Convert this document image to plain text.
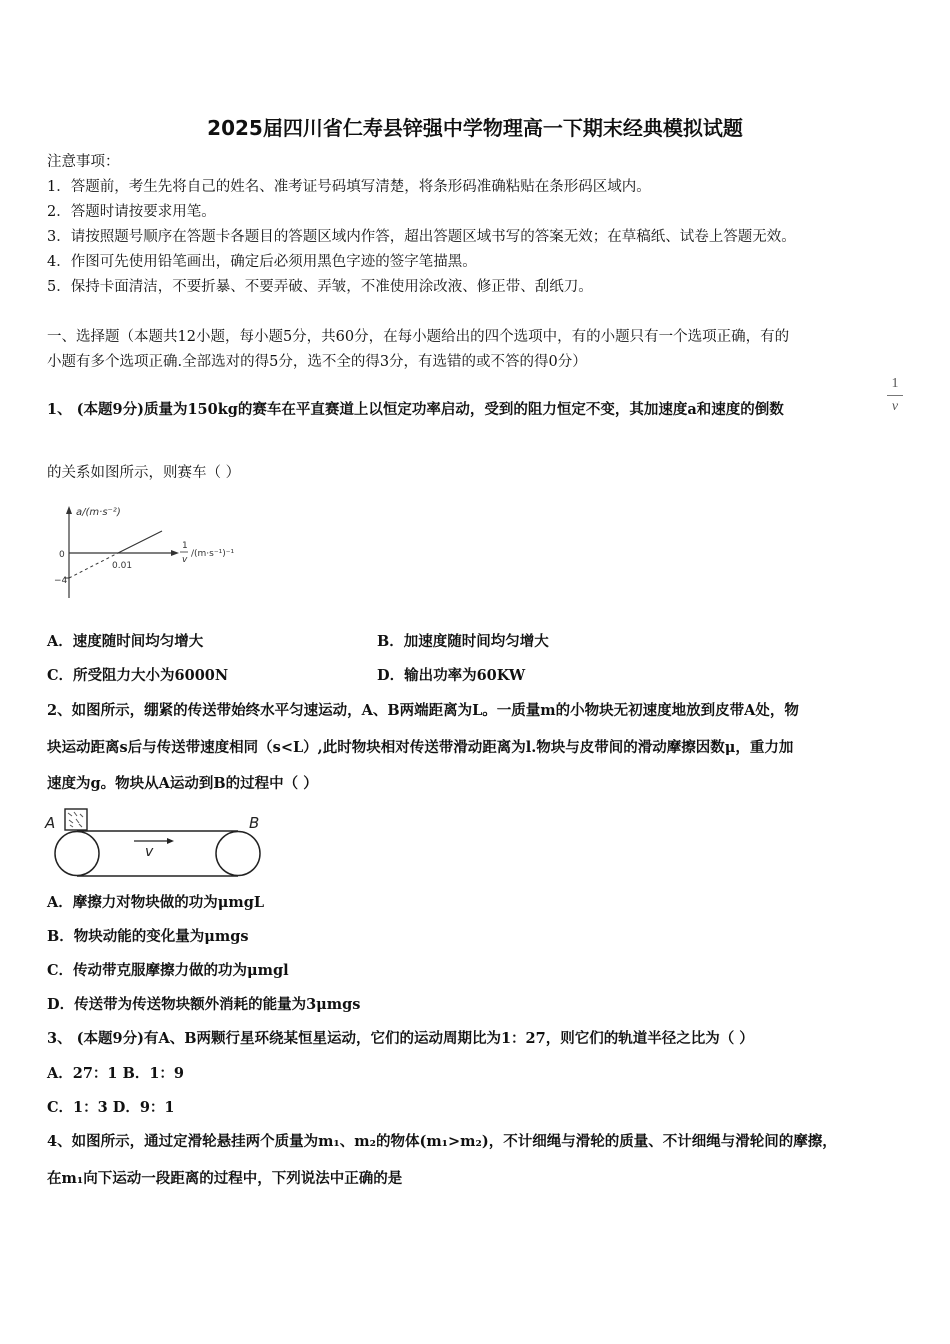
2025届四川省仁寿县锌强中学物理高一下期末经典模拟试题
注意事项：
1．答题前，考生先将自己的姓名、准考证号码填写清楚，将条形码准确粘贴在条形码区域内。
2．答题时请按要求用笔。
3．请按照题号顺序在答题卡各题目的答题区域内作答，超出答题区域书写的答案无效；在草稿纸、试卷上答题无效。
4．作图可先使用铅笔画出，确定后必须用黑色字迹的签字笔描黑。
5．保持卡面清洁，不要折暴、不要弄破、弄皱，不准使用涂改液、修正带、刮纸刀。
一、选择题（本题共12小题，每小题5分，共60分，在每小题给出的四个选项中，有的小题只有一个选项正确，有的
小题有多个选项正确.全部选对的得5分，选不全的得3分，有选错的或不答的得0分）
1、 (本题9分)质量为150kg的赛车在平直赛道上以恒定功率启动，受到的阻力恒定不变，其加速度a和速度的倒数
1
v
的关系如图所示，则赛车（ ）
a/(m·s⁻²)
0
−4
0.01
1
v
/(m·s⁻¹)⁻¹
A．速度随时间均匀增大	B．加速度随时间均匀增大
C．所受阻力大小为6000N	D．输出功率为60KW
2、如图所示，绷紧的传送带始终水平匀速运动，A、B两端距离为L。一质量m的小物块无初速度地放到皮带A处，物
块运动距离s后与传送带速度相同（s<L）,此时物块相对传送带滑动距离为l.物块与皮带间的滑动摩擦因数μ，重力加
速度为g。物块从A运动到B的过程中（ ）
A	B
v
A．摩擦力对物块做的功为μmgL
B．物块动能的变化量为μmgs
C．传动带克服摩擦力做的功为μmgl
D．传送带为传送物块额外消耗的能量为3μmgs
3、 (本题9分)有A、B两颗行星环绕某恒星运动，它们的运动周期比为1：27，则它们的轨道半径之比为（ ）
A．27：1 B．1：9
C．1：3 D．9：1
4、如图所示，通过定滑轮悬挂两个质量为m₁、m₂的物体(m₁>m₂)，不计细绳与滑轮的质量、不计细绳与滑轮间的摩擦，
在m₁向下运动一段距离的过程中，下列说法中正确的是
